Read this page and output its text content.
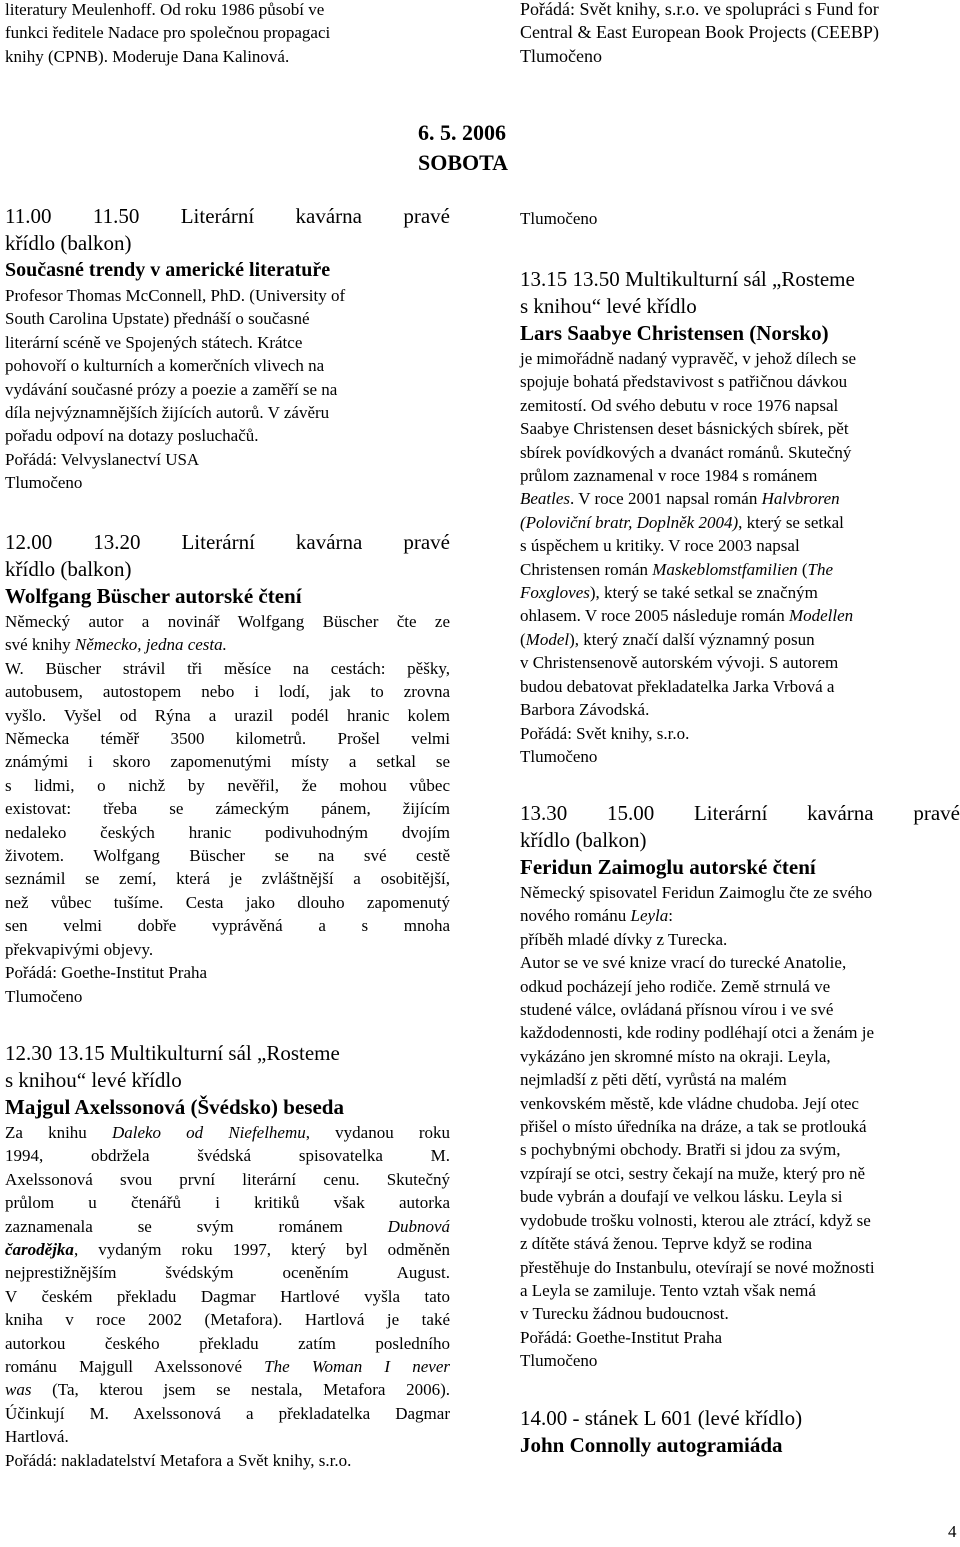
literatury Meulenhoff. Od roku 1986 působí ve
funkci ředitele Nadace pro společnou propagaci
knihy (CPNB). Moderuje Dana Kalinová.
11.00 11.50 Literární kavárna pravé
křídlo (balkon)
Současné trendy v americké literatuře
Profesor Thomas McConnell, PhD. (University of
South Carolina Upstate) přednáší o současné
literární scéně ve Spojených státech. Krátce
pohovoří o kulturních a komerčních vlivech na
vydávání současné prózy a poezie a zaměří se na
díla nejvýznamnějších žijících autorů. V závěru
pořadu odpoví na dotazy posluchačů.
Pořádá: Velvyslanectví USA
Tlumočeno
12.00 13.20 Literární kavárna pravé
křídlo (balkon)
Wolfgang Büscher autorské čtení
Německý autor a novinář Wolfgang Büscher čte ze
své knihy Německo, jedna cesta.
W. Büscher strávil tři měsíce na cestách: pěšky,
autobusem, autostopem nebo i lodí, jak to zrovna
vyšlo. Vyšel od Rýna a urazil podél hranic kolem
Německa téměř 3500 kilometrů. Prošel velmi
známými i skoro zapomenutými místy a setkal se
s lidmi, o nichž by nevěřil, že mohou vůbec
existovat: třeba se zámeckým pánem, žijícím
nedaleko českých hranic podivuhodným dvojím
životem. Wolfgang Büscher se na své cestě
seznámil se zemí, která je zvláštnější a osobitější,
než vůbec tušíme. Cesta jako dlouho zapomenutý
sen velmi dobře vyprávěná a s mnoha
překvapivými objevy.
Pořádá: Goethe-Institut Praha
Tlumočeno
12.30 13.15 Multikulturní sál „Rosteme
s knihou“ levé křídlo
Majgul Axelssonová (Švédsko) beseda
Za knihu Daleko od Niefelhemu, vydanou roku
1994, obdržela švédská spisovatelka M.
Axelssonová svou první literární cenu. Skutečný
průlom u čtenářů i kritiků však autorka
zaznamenala se svým románem Dubnová
čarodějka, vydaným roku 1997, který byl odměněn
nejprestižnějším švédským oceněním August.
V českém překladu Dagmar Hartlové vyšla tato
kniha v roce 2002 (Metafora). Hartlová je také
autorkou českého překladu zatím posledního
románu Majgull Axelssonové The Woman I never
was (Ta, kterou jsem se nestala, Metafora 2006).
Účinkují M. Axelssonová a překladatelka Dagmar
Hartlová.
Pořádá: nakladatelství Metafora a Svět knihy, s.r.o.
6. 5. 2006
SOBOTA
Pořádá: Svět knihy, s.r.o. ve spolupráci s Fund for
Central & East European Book Projects (CEEBP)
Tlumočeno
Tlumočeno
13.15 13.50 Multikulturní sál „Rosteme
s knihou“ levé křídlo
Lars Saabye Christensen (Norsko)
je mimořádně nadaný vypravěč, v jehož dílech se
spojuje bohatá představivost s patřičnou dávkou
zemitostí. Od svého debutu v roce 1976 napsal
Saabye Christensen deset básnických sbírek, pět
sbírek povídkových a dvanáct románů. Skutečný
průlom zaznamenal v roce 1984 s románem
Beatles. V roce 2001 napsal román Halvbroren
(Poloviční bratr, Doplněk 2004), který se setkal
s úspěchem u kritiky. V roce 2003 napsal
Christensen román Maskeblomstfamilien (The
Foxgloves), který se také setkal se značným
ohlasem. V roce 2005 následuje román Modellen
(Model), který značí další významný posun
v Christensenově autorském vývoji. S autorem
budou debatovat překladatelka Jarka Vrbová a
Barbora Závodská.
Pořádá: Svět knihy, s.r.o.
Tlumočeno
13.30 15.00 Literární kavárna pravé
křídlo (balkon)
Feridun Zaimoglu autorské čtení
Německý spisovatel Feridun Zaimoglu čte ze svého
nového románu Leyla:
příběh mladé dívky z Turecka.
Autor se ve své knize vrací do turecké Anatolie,
odkud pocházejí jeho rodiče. Země strnulá ve
studené válce, ovládaná přísnou vírou i ve své
každodennosti, kde rodiny podléhají otci a ženám je
vykázáno jen skromné místo na okraji. Leyla,
nejmladší z pěti dětí, vyrůstá na malém
venkovském městě, kde vládne chudoba. Její otec
přišel o místo úředníka na dráze, a tak se protlouká
s pochybnými obchody. Bratři si jdou za svým,
vzpírají se otci, sestry čekají na muže, který pro ně
bude vybrán a doufají ve velkou lásku. Leyla si
vydobude trošku volnosti, kterou ale ztrácí, když se
z dítěte stává ženou. Teprve když se rodina
přestěhuje do Instanbulu, otevírají se nové možnosti
a Leyla se zamiluje. Tento vztah však nemá
v Turecku žádnou budoucnost.
Pořádá: Goethe-Institut Praha
Tlumočeno
14.00 - stánek L 601 (levé křídlo)
John Connolly autogramiáda
4
